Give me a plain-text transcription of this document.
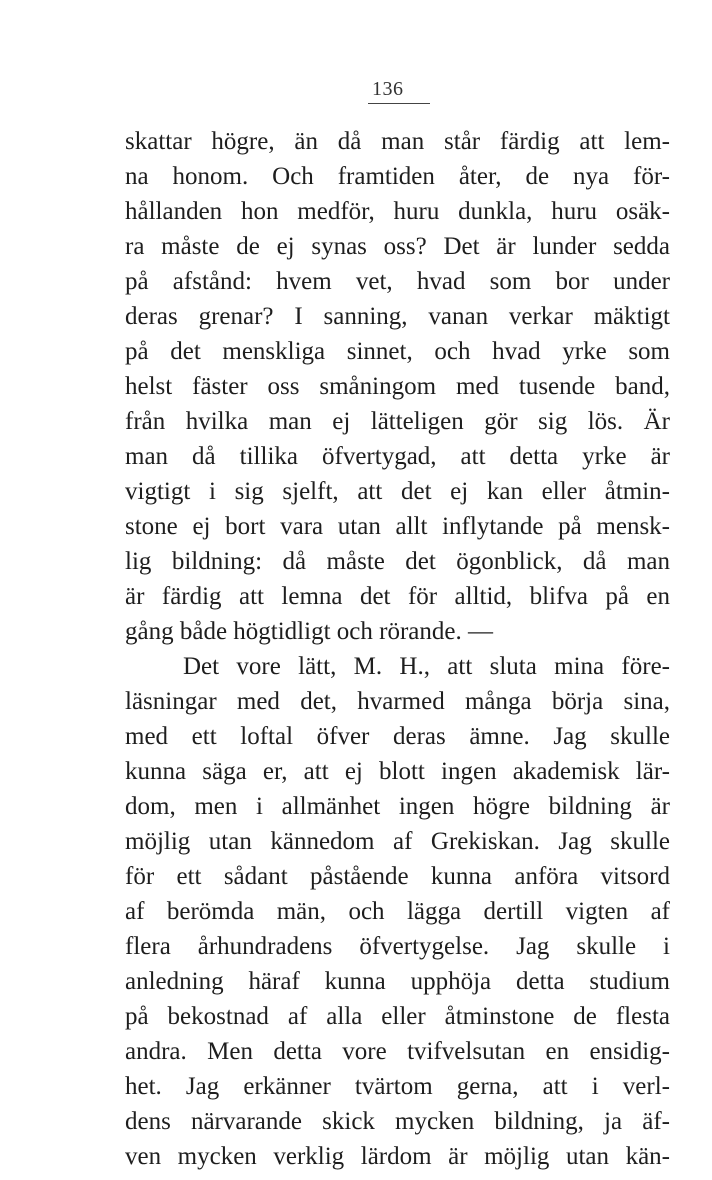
136
skattar högre, än då man står färdig att lem-
na honom. Och framtiden åter, de nya för-
hållanden hon medför, huru dunkla, huru osäk-
ra måste de ej synas oss? Det är lunder sedda
på afstånd: hvem vet, hvad som bor under
deras grenar? I sanning, vanan verkar mäktigt
på det menskliga sinnet, och hvad yrke som
helst fäster oss småningom med tusende band,
från hvilka man ej lätteligen gör sig lös. Är
man då tillika öfvertygad, att detta yrke är
vigtigt i sig sjelft, att det ej kan eller åtmin-
stone ej bort vara utan allt inflytande på mensk-
lig bildning: då måste det ögonblick, då man
är färdig att lemna det för alltid, blifva på en
gång både högtidligt och rörande. —
Det vore lätt, M. H., att sluta mina före-
läsningar med det, hvarmed många börja sina,
med ett loftal öfver deras ämne. Jag skulle
kunna säga er, att ej blott ingen akademisk lär-
dom, men i allmänhet ingen högre bildning är
möjlig utan kännedom af Grekiskan. Jag skulle
för ett sådant påstående kunna anföra vitsord
af berömda män, och lägga dertill vigten af
flera århundradens öfvertygelse. Jag skulle i
anledning häraf kunna upphöja detta studium
på bekostnad af alla eller åtminstone de flesta
andra. Men detta vore tvifvelsutan en ensidig-
het. Jag erkänner tvärtom gerna, att i verl-
dens närvarande skick mycken bildning, ja äf-
ven mycken verklig lärdom är möjlig utan kän-
